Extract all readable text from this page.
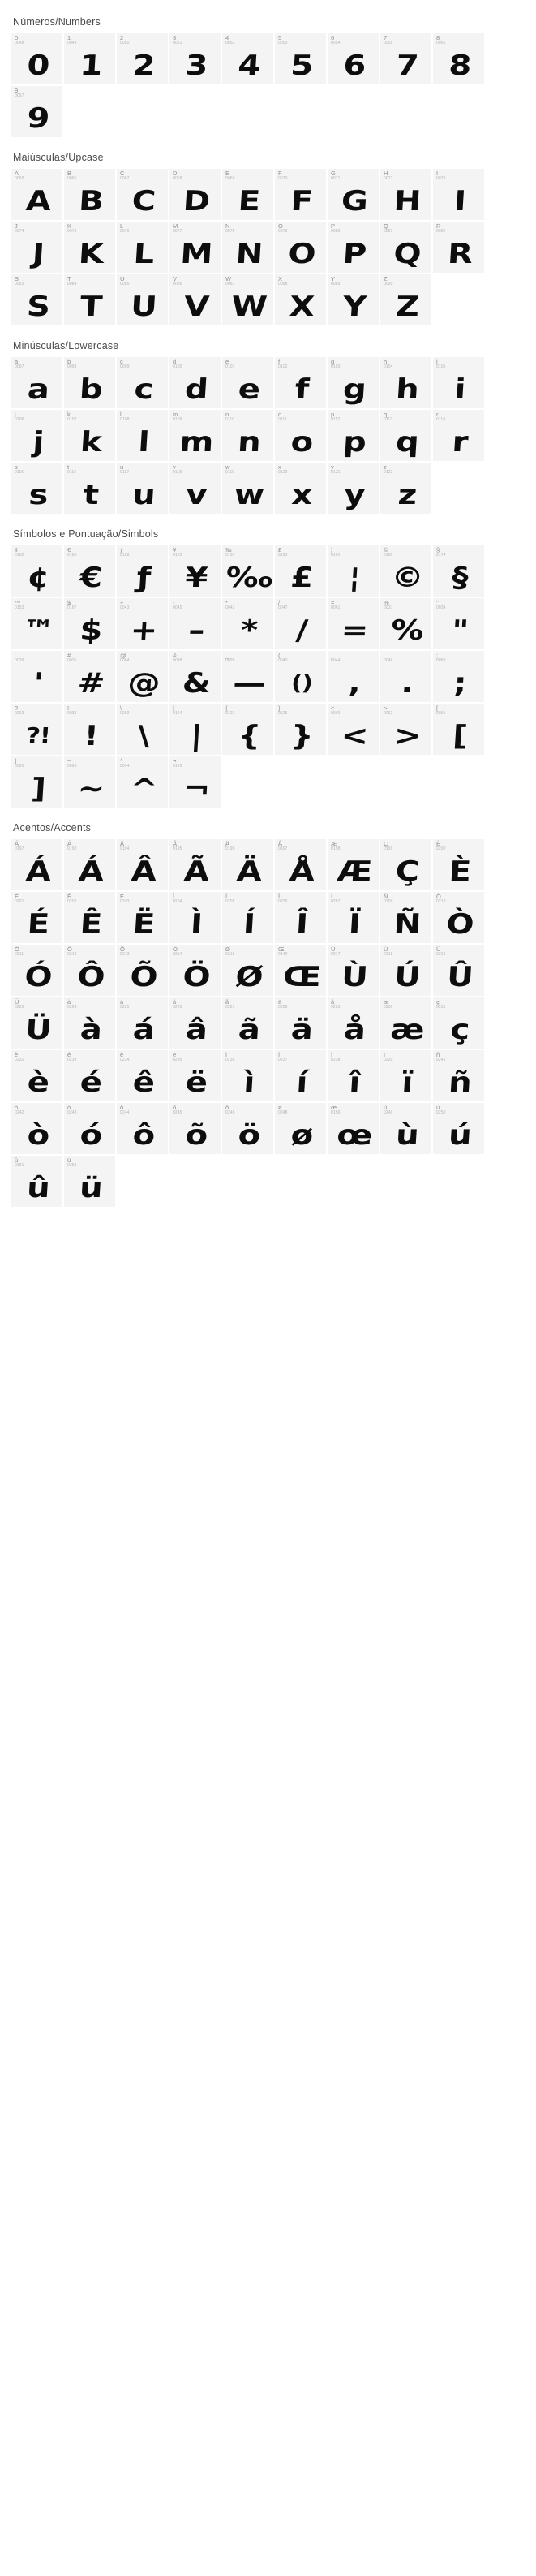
Números/Numbers
0
0048
0
1
0049
1
2
0050
2
3
0051
3
4
0052
4
5
0053
5
6
0054
6
7
0055
7
8
0056
8
9
0057
9
Maiúsculas/Upcase
A
0065
A
B
0066
B
C
0067
C
D
0068
D
E
0069
E
F
0070
F
G
0071
G
H
0072
H
I
0073
I
J
0074
J
K
0075
K
L
0076
L
M
0077
M
N
0078
N
O
0079
O
P
0080
P
Q
0081
Q
R
0082
R
S
0083
S
T
0084
T
U
0085
U
V
0086
V
W
0087
W
X
0088
X
Y
0089
Y
Z
0090
Z
Minúsculas/Lowercase
a
0097
a
b
0098
b
c
0099
c
d
0100
d
e
0101
e
f
0102
f
g
0103
g
h
0104
h
i
0105
i
j
0106
j
k
0107
k
l
0108
l
m
0109
m
n
0110
n
o
0111
o
p
0112
p
q
0113
q
r
0114
r
s
0115
s
t
0116
t
u
0117
u
v
0118
v
w
0119
w
x
0120
x
y
0121
y
z
0122
z
Símbolos e Pontuação/Simbols
¢
0162
¢
€
0165
€
ƒ
0128
ƒ
¥
0165
¥
‰
0137
‰
£
0163
£
¦
0161
¦
©
0169
©
§
0174
§
™
0153
™
$
0167
$
+
0043
+
-
0045
–
*
0042
*
/
0047
/
=
0061
=
%
0037
%
"
0034
"
'
0039
'
#
0035
#
@
0064
@
&
0038
&
_
0095
—
(
0040
()
,
0044
,
.
0046
.
;
0059
;
?
0063
?!
!
0033
!
\
0092
\
|
0124
|
{
0123
{
}
0125
}
<
0060
<
>
0062
>
[
0091
[
]
0093
]
~
0096
~
^
0094
^
¬
0126
¬
Acentos/Accents
Á
0197
Á
Á
0193
Á
Â
0194
Â
Ã
0195
Ã
Ä
0196
Ä
Å
0197
Å
Æ
0198
Æ
Ç
0199
Ç
È
0200
È
É
0201
É
Ê
0202
Ê
Ë
0203
Ë
Ì
0204
Ì
Í
0205
Í
Î
0206
Î
Ï
0207
Ï
Ñ
0209
Ñ
Ò
0210
Ò
Ó
0211
Ó
Ô
0212
Ô
Õ
0213
Õ
Ö
0214
Ö
Ø
0216
Ø
Œ
0140
Œ
Ù
0217
Ù
Ú
0218
Ú
Û
0219
Û
Ü
0220
Ü
à
0224
à
á
0225
á
â
0226
â
ã
0227
ã
ä
0228
ä
å
0229
å
æ
0230
æ
ç
0231
ç
è
0232
è
é
0233
é
ê
0234
ê
ë
0235
ë
ì
0236
ì
í
0237
í
î
0238
î
ï
0239
ï
ñ
0241
ñ
ò
0242
ò
ó
0243
ó
ô
0244
ô
õ
0245
õ
ö
0246
ö
ø
0248
ø
œ
0156
œ
ù
0249
ù
ú
0250
ú
û
0251
û
ü
0252
ü
